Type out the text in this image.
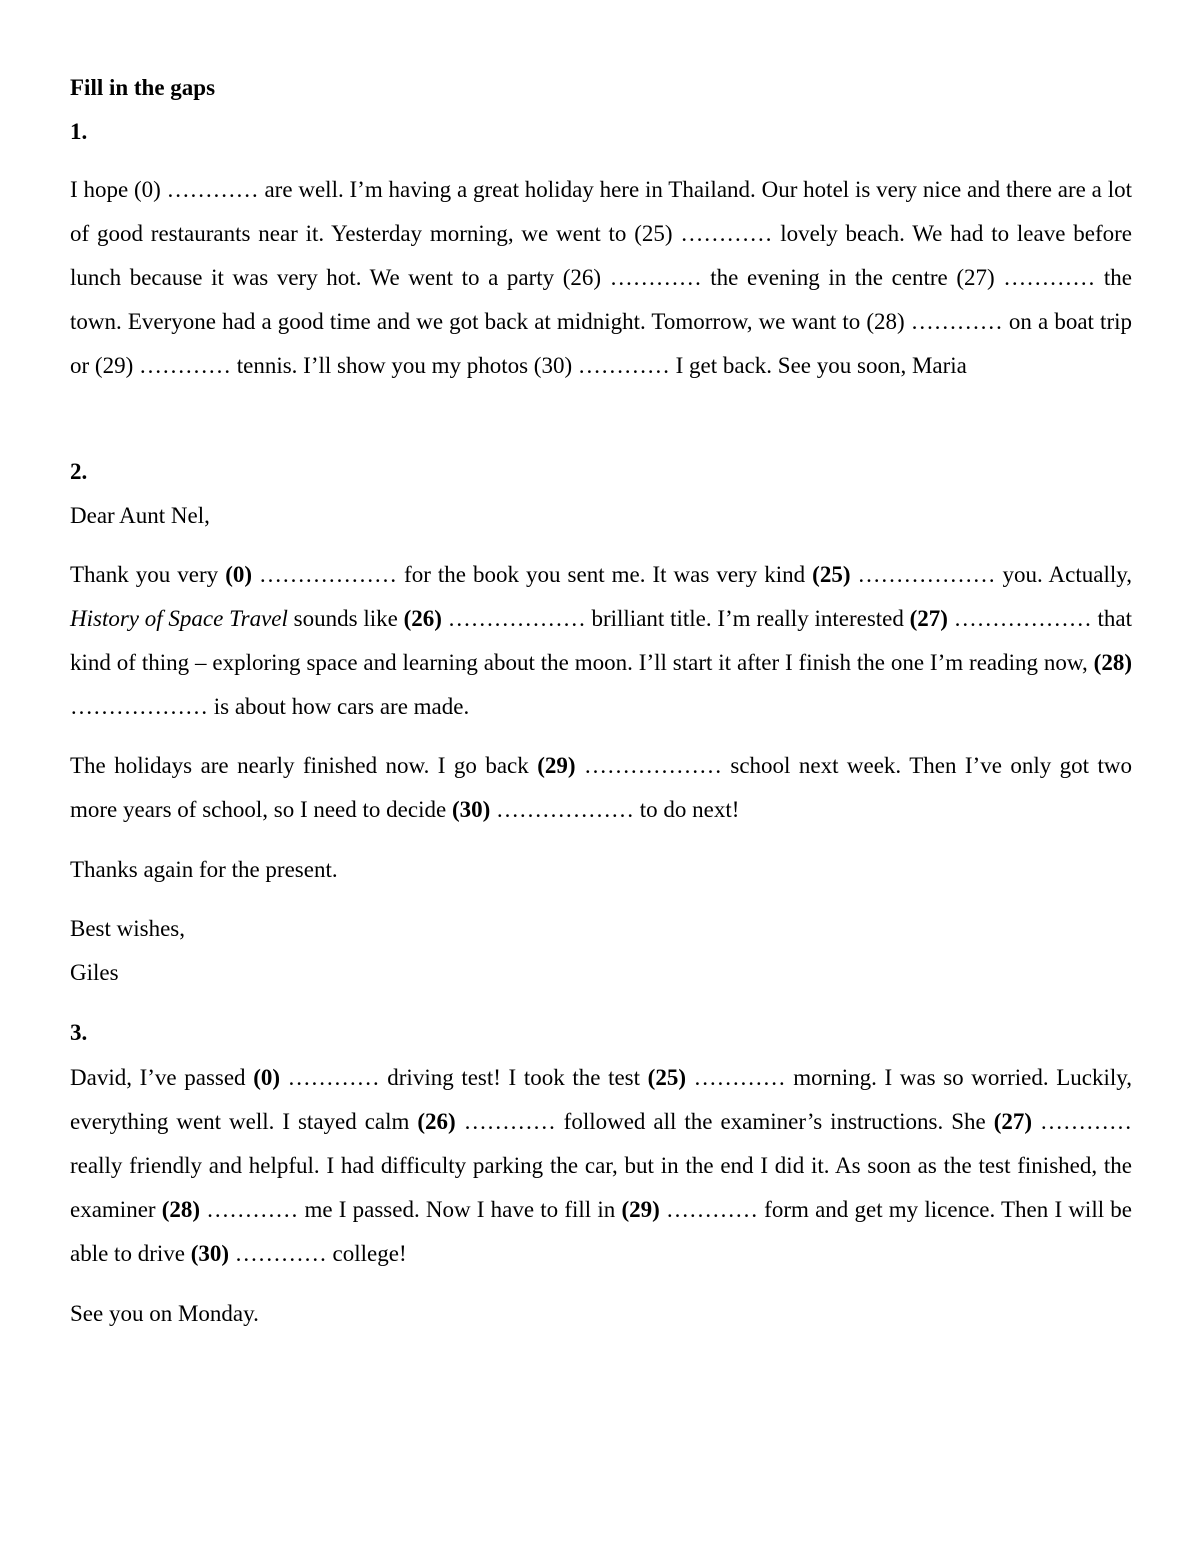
Fill in the gaps
1.

I hope (0) ………… are well. I’m having a great holiday here in Thailand. Our hotel is very nice and there are a lot of good restaurants near it. Yesterday morning, we went to (25) ………… lovely beach. We had to leave before lunch because it was very hot. We went to a party (26) ………… the evening in the centre (27) ………… the town. Everyone had a good time and we got back at midnight. Tomorrow, we want to (28) ………… on a boat trip or (29) ………… tennis. I’ll show you my photos (30) ………… I get back. See you soon, Maria

2.
Dear Aunt Nel,

Thank you very (0) ……………… for the book you sent me. It was very kind (25) ……………… you. Actually, History of Space Travel sounds like (26) ……………… brilliant title. I’m really interested (27) ……………… that kind of thing – exploring space and learning about the moon. I’ll start it after I finish the one I’m reading now, (28) ……………… is about how cars are made.

The holidays are nearly finished now. I go back (29) ……………… school next week. Then I’ve only got two more years of school, so I need to decide (30) ……………… to do next!

Thanks again for the present.
Best wishes,
Giles
3.

David, I’ve passed (0) ………… driving test! I took the test (25) ………… morning. I was so worried. Luckily, everything went well. I stayed calm (26) ………… followed all the examiner’s instructions. She (27) ………… really friendly and helpful. I had difficulty parking the car, but in the end I did it. As soon as the test finished, the examiner (28) ………… me I passed. Now I have to fill in (29) ………… form and get my licence. Then I will be able to drive (30) ………… college!

See you on Monday.
